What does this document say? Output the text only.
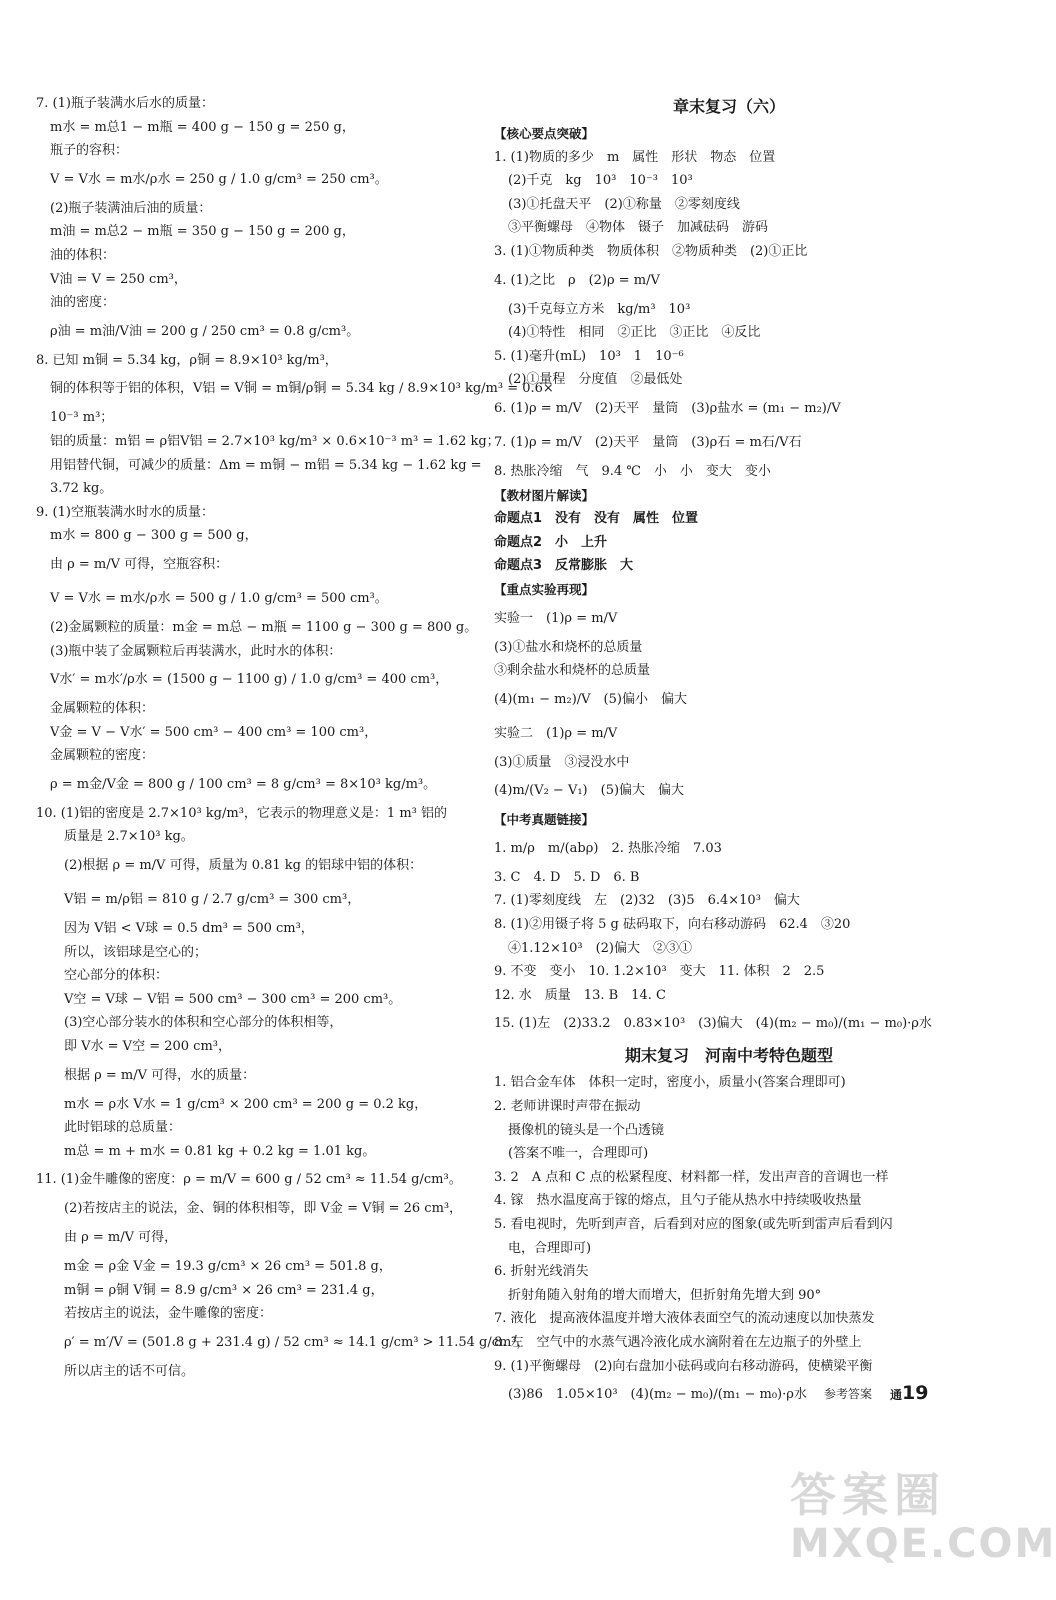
7. (1)瓶子装满水后水的质量：
m水 = m总1 − m瓶 = 400 g − 150 g = 250 g，
瓶子的容积：
V = V水 = m水/ρ水 = 250 g / 1.0 g/cm³ = 250 cm³。
(2)瓶子装满油后油的质量：
m油 = m总2 − m瓶 = 350 g − 150 g = 200 g，
油的体积：
V油 = V = 250 cm³，
油的密度：
ρ油 = m油/V油 = 200 g / 250 cm³ = 0.8 g/cm³。
8. 已知 m铜 = 5.34 kg，ρ铜 = 8.9×10³ kg/m³，
铜的体积等于铝的体积，V铝 = V铜 = m铜/ρ铜 = 5.34 kg / 8.9×10³ kg/m³ = 0.6×
10⁻³ m³；
铝的质量：m铝 = ρ铝V铝 = 2.7×10³ kg/m³ × 0.6×10⁻³ m³ = 1.62 kg；
用铝替代铜，可减少的质量：Δm = m铜 − m铝 = 5.34 kg − 1.62 kg =
3.72 kg。
9. (1)空瓶装满水时水的质量：
m水 = 800 g − 300 g = 500 g，
由 ρ = m/V 可得，空瓶容积：
V = V水 = m水/ρ水 = 500 g / 1.0 g/cm³ = 500 cm³。
(2)金属颗粒的质量：m金 = m总 − m瓶 = 1100 g − 300 g = 800 g。
(3)瓶中装了金属颗粒后再装满水，此时水的体积：
V水′ = m水′/ρ水 = (1500 g − 1100 g) / 1.0 g/cm³ = 400 cm³，
金属颗粒的体积：
V金 = V − V水′ = 500 cm³ − 400 cm³ = 100 cm³，
金属颗粒的密度：
ρ = m金/V金 = 800 g / 100 cm³ = 8 g/cm³ = 8×10³ kg/m³。
10. (1)铝的密度是 2.7×10³ kg/m³，它表示的物理意义是：1 m³ 铝的
质量是 2.7×10³ kg。
(2)根据 ρ = m/V 可得，质量为 0.81 kg 的铝球中铝的体积：
V铝 = m/ρ铝 = 810 g / 2.7 g/cm³ = 300 cm³，
因为 V铝 < V球 = 0.5 dm³ = 500 cm³，
所以，该铝球是空心的；
空心部分的体积：
V空 = V球 − V铝 = 500 cm³ − 300 cm³ = 200 cm³。
(3)空心部分装水的体积和空心部分的体积相等，
即 V水 = V空 = 200 cm³，
根据 ρ = m/V 可得，水的质量：
m水 = ρ水 V水 = 1 g/cm³ × 200 cm³ = 200 g = 0.2 kg，
此时铝球的总质量：
m总 = m + m水 = 0.81 kg + 0.2 kg = 1.01 kg。
11. (1)金牛雕像的密度：ρ = m/V = 600 g / 52 cm³ ≈ 11.54 g/cm³。
(2)若按店主的说法，金、铜的体积相等，即 V金 = V铜 = 26 cm³，
由 ρ = m/V 可得，
m金 = ρ金 V金 = 19.3 g/cm³ × 26 cm³ = 501.8 g，
m铜 = ρ铜 V铜 = 8.9 g/cm³ × 26 cm³ = 231.4 g，
若按店主的说法，金牛雕像的密度：
ρ′ = m′/V = (501.8 g + 231.4 g) / 52 cm³ ≈ 14.1 g/cm³ > 11.54 g/cm³，
所以店主的话不可信。
章末复习（六）
【核心要点突破】
1. (1)物质的多少　m　属性　形状　物态　位置
(2)千克　kg　10³　10⁻³　10³
(3)①托盘天平　(2)①称量　②零刻度线
③平衡螺母　④物体　镊子　加减砝码　游码
3. (1)①物质种类　物质体积　②物质种类　(2)①正比
4. (1)之比　ρ　(2)ρ = m/V
(3)千克每立方米　kg/m³　10³
(4)①特性　相同　②正比　③正比　④反比
5. (1)毫升(mL)　10³　1　10⁻⁶
(2)①量程　分度值　②最低处
6. (1)ρ = m/V　(2)天平　量筒　(3)ρ盐水 = (m₁ − m₂)/V
7. (1)ρ = m/V　(2)天平　量筒　(3)ρ石 = m石/V石
8. 热胀冷缩　气　9.4 ℃　小　小　变大　变小
【教材图片解读】
命题点1　没有　没有　属性　位置
命题点2　小　上升
命题点3　反常膨胀　大
【重点实验再现】
实验一　(1)ρ = m/V
(3)①盐水和烧杯的总质量
③剩余盐水和烧杯的总质量
(4)(m₁ − m₂)/V　(5)偏小　偏大
实验二　(1)ρ = m/V
(3)①质量　③浸没水中
(4)m/(V₂ − V₁)　(5)偏大　偏大
【中考真题链接】
1. m/ρ　m/(abρ)　2. 热胀冷缩　7.03
3. C　4. D　5. D　6. B
7. (1)零刻度线　左　(2)32　(3)5　6.4×10³　偏大
8. (1)②用镊子将 5 g 砝码取下，向右移动游码　62.4　③20
④1.12×10³　(2)偏大　②③①
9. 不变　变小　10. 1.2×10³　变大　11. 体积　2　2.5
12. 水　质量　13. B　14. C
15. (1)左　(2)33.2　0.83×10³　(3)偏大　(4)(m₂ − m₀)/(m₁ − m₀)·ρ水
期末复习　河南中考特色题型
1. 铝合金车体　体积一定时，密度小，质量小(答案合理即可)
2. 老师讲课时声带在振动
摄像机的镜头是一个凸透镜
(答案不唯一，合理即可)
3. 2　A 点和 C 点的松紧程度、材料都一样，发出声音的音调也一样
4. 镓　热水温度高于镓的熔点，且勺子能从热水中持续吸收热量
5. 看电视时，先听到声音，后看到对应的图象(或先听到雷声后看到闪
电，合理即可)
6. 折射光线消失
折射角随入射角的增大而增大，但折射角先增大到 90°
7. 液化　提高液体温度并增大液体表面空气的流动速度以加快蒸发
8. 左　空气中的水蒸气遇冷液化成水滴附着在左边瓶子的外壁上
9. (1)平衡螺母　(2)向右盘加小砝码或向右移动游码，使横梁平衡
(3)86　1.05×10³　(4)(m₂ − m₀)/(m₁ − m₀)·ρ水	参考答案 通19
答案圈
MXQE.COM
